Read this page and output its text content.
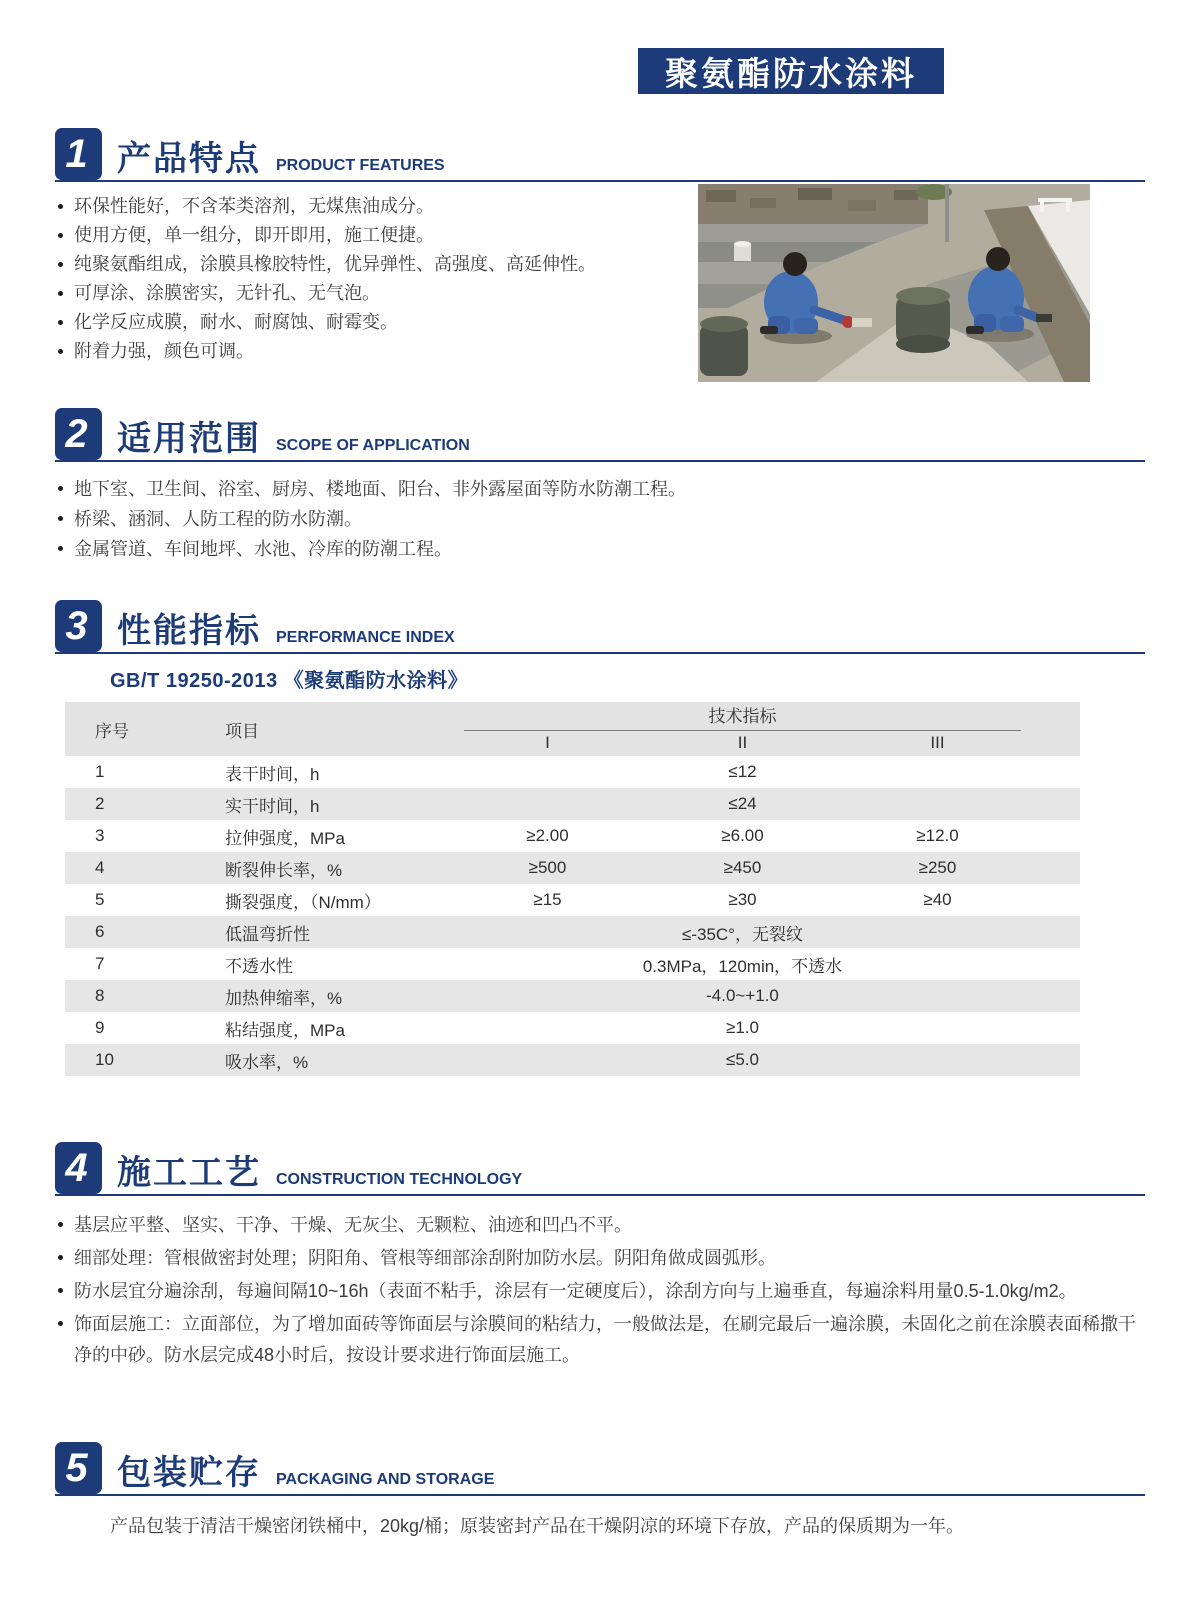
聚氨酯防水涂料
1 产品特点 PRODUCT FEATURES
环保性能好，不含苯类溶剂，无煤焦油成分。
使用方便，单一组分，即开即用，施工便捷。
纯聚氨酯组成，涂膜具橡胶特性，优异弹性、高强度、高延伸性。
可厚涂、涂膜密实，无针孔、无气泡。
化学反应成膜，耐水、耐腐蚀、耐霉变。
附着力强，颜色可调。
2 适用范围 SCOPE OF APPLICATION
地下室、卫生间、浴室、厨房、楼地面、阳台、非外露屋面等防水防潮工程。
桥梁、涵洞、人防工程的防水防潮。
金属管道、车间地坪、水池、冷库的防潮工程。
3 性能指标 PERFORMANCE INDEX
GB/T 19250-2013 《聚氨酯防水涂料》
序号	项目
技术指标
I	II	III
1	表干时间，h	≤12
2	实干时间，h	≤24
3	拉伸强度，MPa	≥2.00	≥6.00	≥12.0
4	断裂伸长率，%	≥500	≥450	≥250
5	撕裂强度，（N/mm）	≥15	≥30	≥40
6	低温弯折性	≤-35C°，无裂纹
7	不透水性	0.3MPa，120min，不透水
8	加热伸缩率，%	-4.0~+1.0
9	粘结强度，MPa	≥1.0
10	吸水率，%	≤5.0
4 施工工艺 CONSTRUCTION TECHNOLOGY
基层应平整、坚实、干净、干燥、无灰尘、无颗粒、油迹和凹凸不平。
细部处理：管根做密封处理；阴阳角、管根等细部涂刮附加防水层。阴阳角做成圆弧形。
防水层宜分遍涂刮，每遍间隔10~16h（表面不粘手，涂层有一定硬度后），涂刮方向与上遍垂直，每遍涂料用量0.5-1.0kg/m2。
饰面层施工：立面部位，为了增加面砖等饰面层与涂膜间的粘结力，一般做法是，在刷完最后一遍涂膜，未固化之前在涂膜表面稀撒干净的中砂。防水层完成48小时后，按设计要求进行饰面层施工。
5 包装贮存 PACKAGING AND STORAGE
产品包装于清洁干燥密闭铁桶中，20kg/桶；原装密封产品在干燥阴凉的环境下存放，产品的保质期为一年。
